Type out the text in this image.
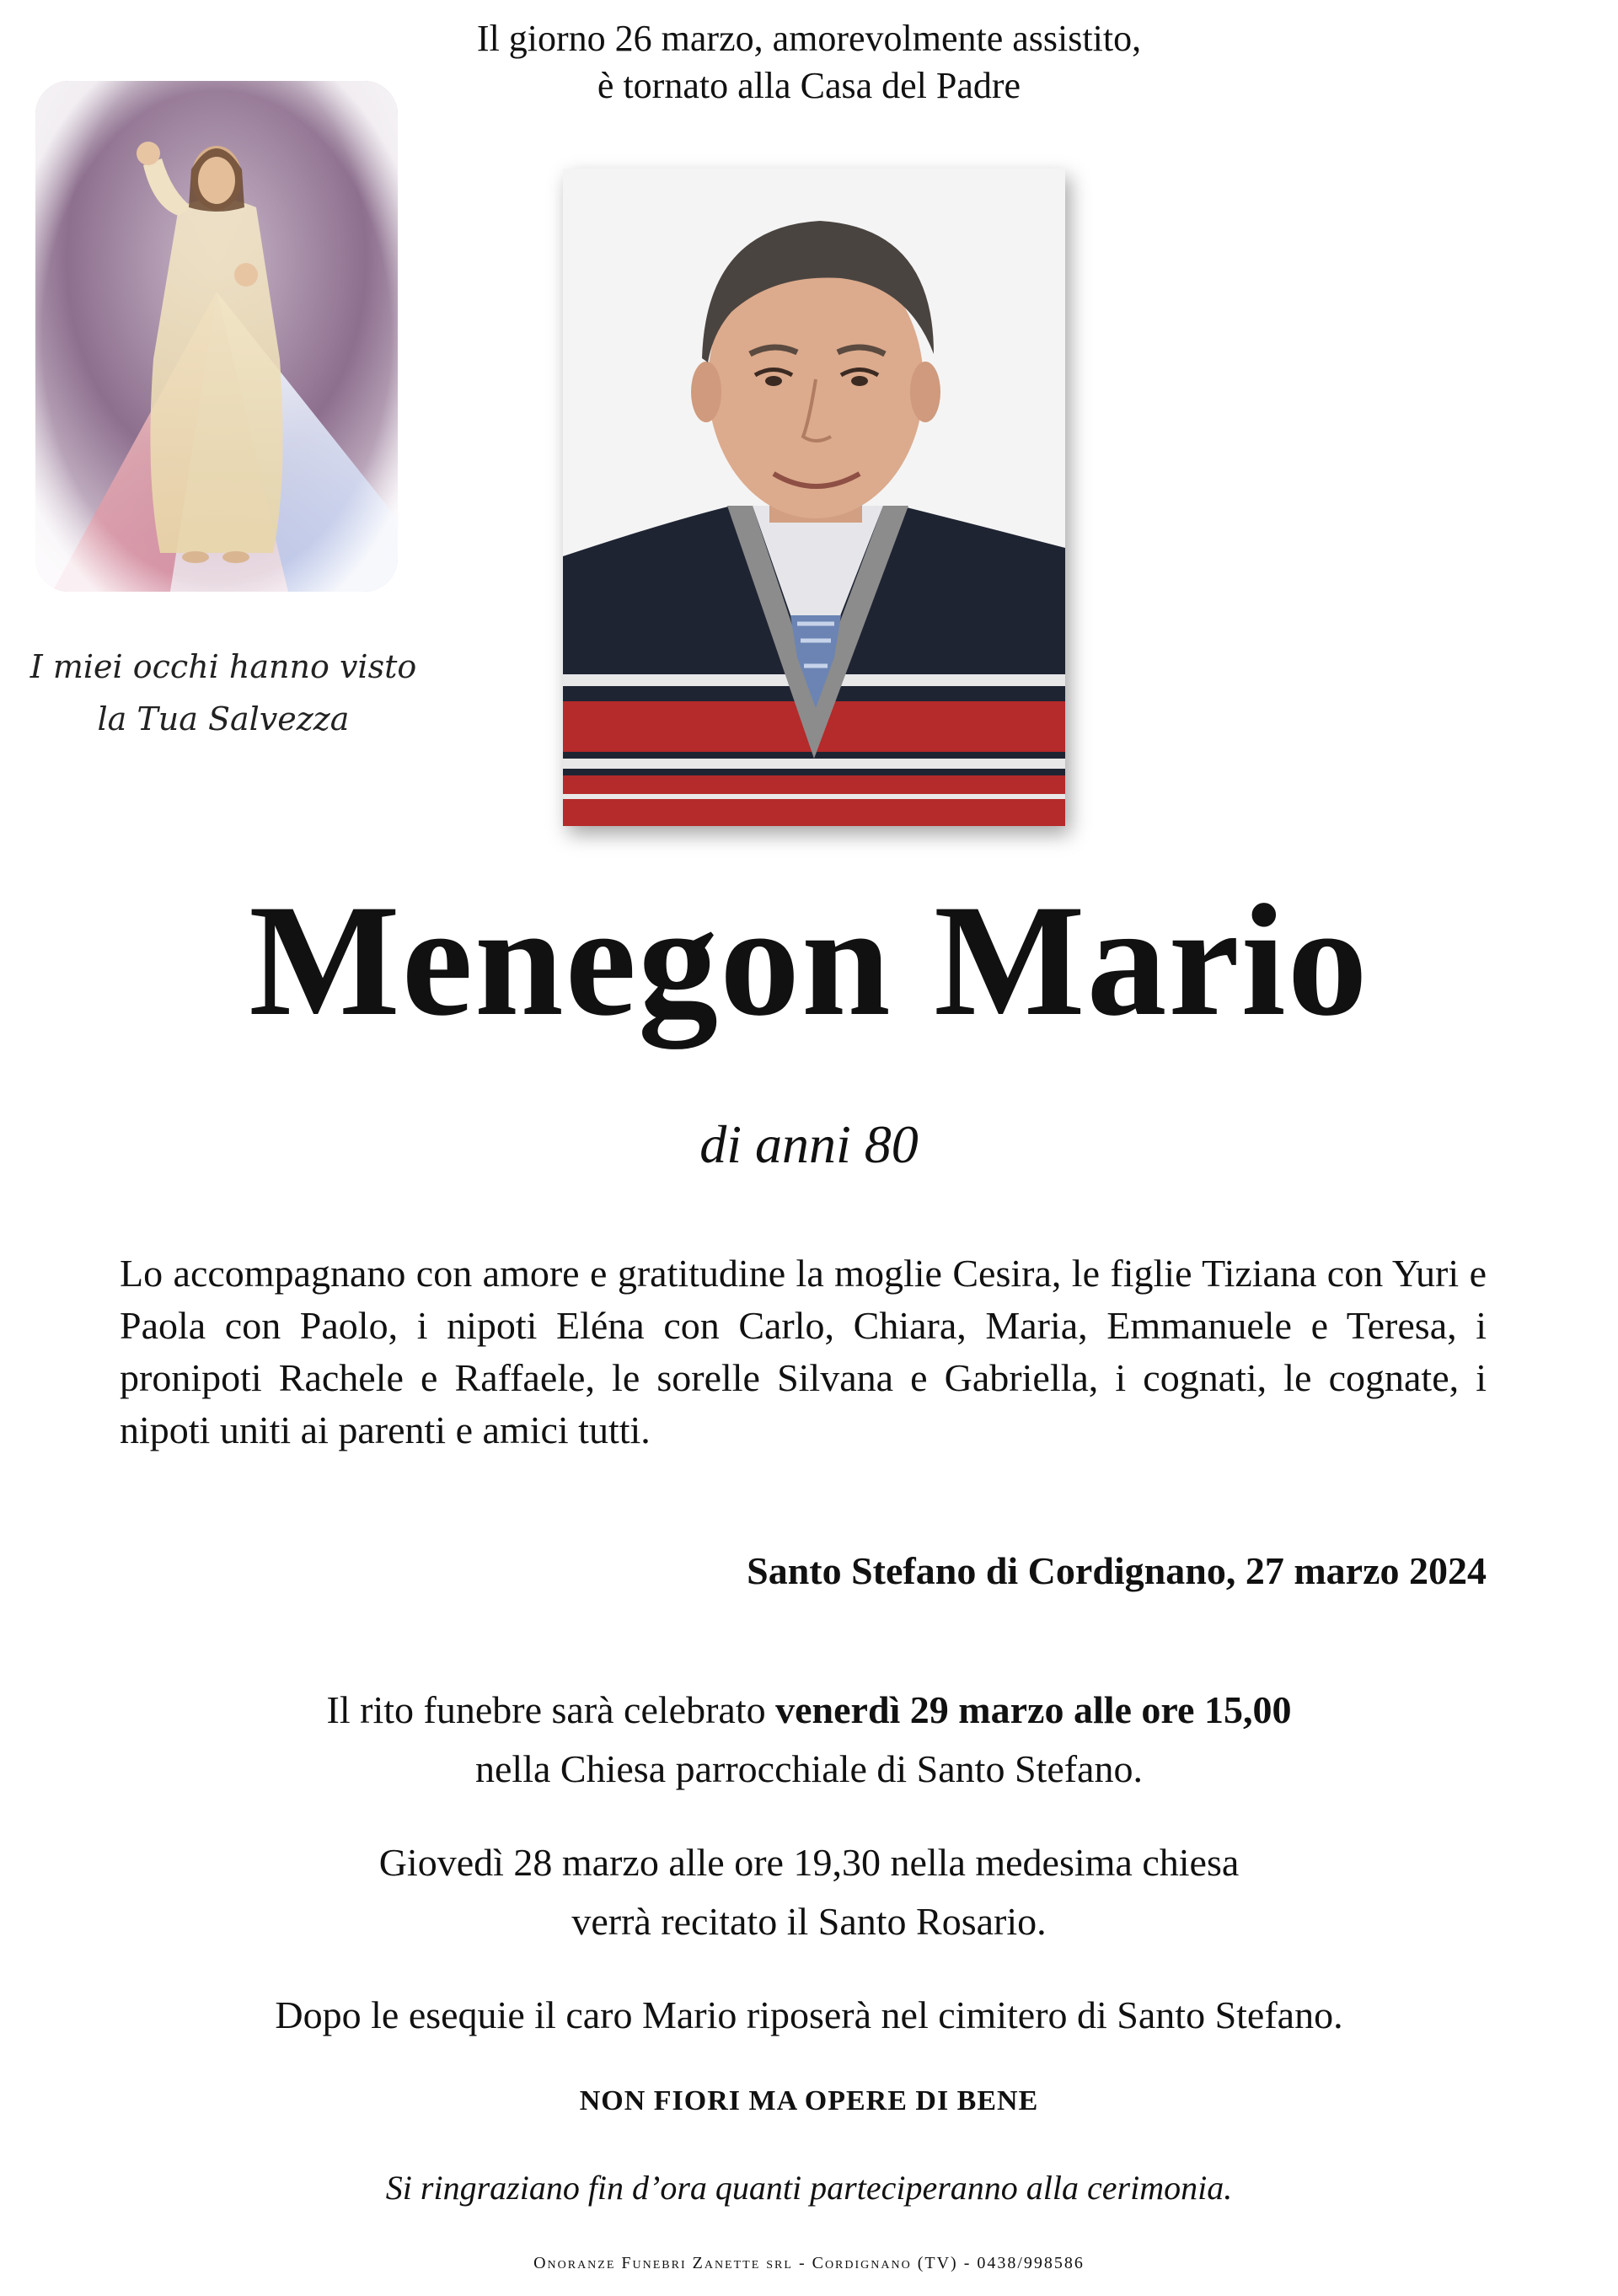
Il giorno 26 marzo, amorevolmente assistito,
è tornato alla Casa del Padre
I miei occhi hanno visto
la Tua Salvezza
Menegon Mario
di anni 80
Lo accompagnano con amore e gratitudine la moglie Cesira, le figlie Tiziana con Yuri e Paola con Paolo, i nipoti Eléna con Carlo, Chiara, Maria, Emmanuele e Teresa, i pronipoti Rachele e Raffaele, le sorelle Silvana e Gabriella, i cognati, le cognate, i nipoti uniti ai parenti e amici tutti.
Santo Stefano di Cordignano, 27 marzo 2024
Il rito funebre sarà celebrato venerdì 29 marzo alle ore 15,00
nella Chiesa parrocchiale di Santo Stefano.
Giovedì 28 marzo alle ore 19,30 nella medesima chiesa
verrà recitato il Santo Rosario.
Dopo le esequie il caro Mario riposerà nel cimitero di Santo Stefano.
NON FIORI MA OPERE DI BENE
Si ringraziano fin d’ora quanti parteciperanno alla cerimonia.
Onoranze Funebri Zanette srl - Cordignano (TV) - 0438/998586
